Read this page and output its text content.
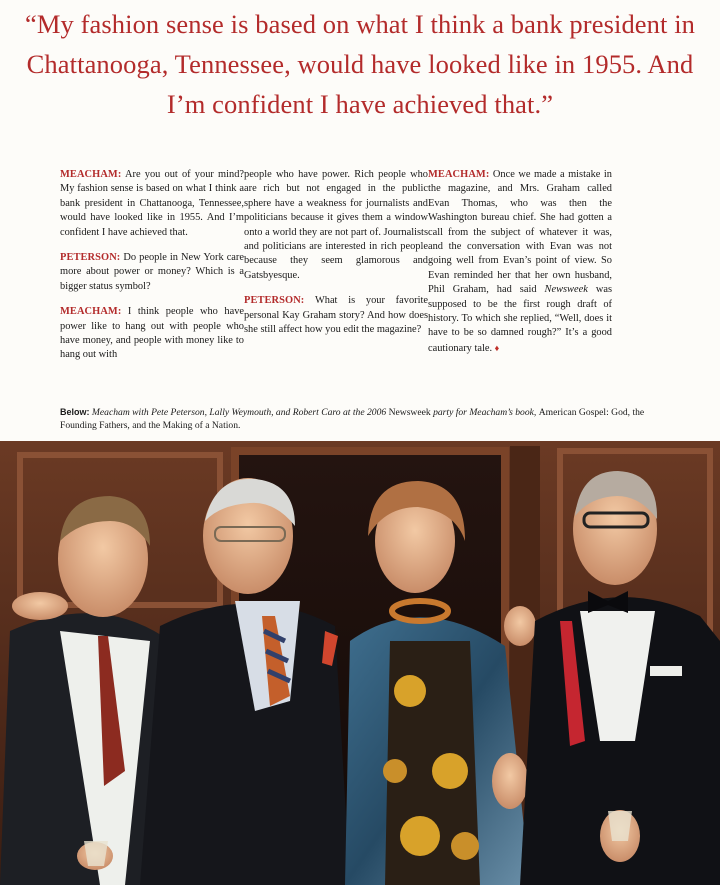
“My fashion sense is based on what I think a bank president in Chattanooga, Tennessee, would have looked like in 1955. And I’m confident I have achieved that.”

MEACHAM: Are you out of your mind? My fashion sense is based on what I think a bank president in Chattanooga, Tennessee, would have looked like in 1955. And I’m confident I have achieved that.

PETERSON: Do people in New York care more about power or money? Which is a bigger status symbol?

MEACHAM: I think people who have power like to hang out with people who have money, and people with money like to hang out with

people who have power. Rich people who are rich but not engaged in the public sphere have a weakness for journalists and politicians because it gives them a window onto a world they are not part of. Journalists and politicians are interested in rich people because they seem glamorous and Gatsbyesque.

PETERSON: What is your favorite personal Kay Graham story? And how does she still affect how you edit the magazine?

MEACHAM: Once we made a mistake in the magazine, and Mrs. Graham called Evan Thomas, who was then the Washington bureau chief. She had gotten a call from the subject of whatever it was, and the conversation with Evan was not going well from Evan’s point of view. So Evan reminded her that her own husband, Phil Graham, had said Newsweek was supposed to be the first rough draft of history. To which she replied, “Well, does it have to be so damned rough?” It’s a good cautionary tale. ♦

Below: Meacham with Pete Peterson, Lally Weymouth, and Robert Caro at the 2006 Newsweek party for Meacham’s book, American Gospel: God, the Founding Fathers, and the Making of a Nation.
